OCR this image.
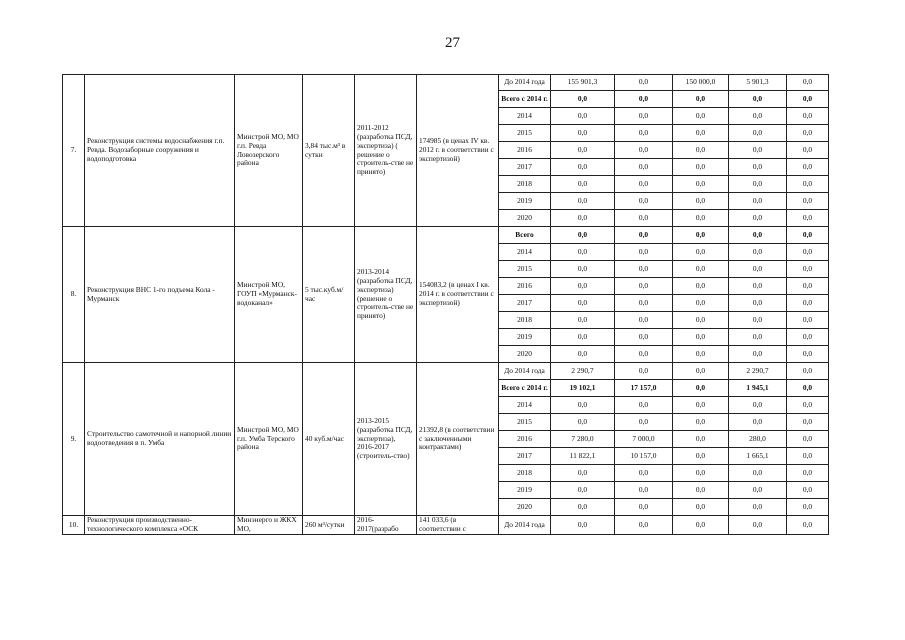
27
7.	Реконструкция системы водоснабжения г.п. Ревда. Водозаборные сооружения и водоподготовка	Минстрой МО, МО г.п. Ревда Ловозерского района	3,84 тыс.м³ в сутки	2011-2012 (разработка ПСД, экспертиза) ( решение о строитель-стве не принято)	174985 (в ценах IV кв. 2012 г. в соответствии с экспертизой)	До 2014 года	155 901,3	0,0	150 000,0	5 901,3	0,0
						Всего с 2014 г.	0,0	0,0	0,0	0,0	0,0
						2014	0,0	0,0	0,0	0,0	0,0
						2015	0,0	0,0	0,0	0,0	0,0
						2016	0,0	0,0	0,0	0,0	0,0
						2017	0,0	0,0	0,0	0,0	0,0
						2018	0,0	0,0	0,0	0,0	0,0
						2019	0,0	0,0	0,0	0,0	0,0
						2020	0,0	0,0	0,0	0,0	0,0
8.	Реконструкция ВНС 1-го подъема Кола - Мурманск	Минстрой МО, ГОУП «Мурманск-водоканал»	5 тыс.куб.м/час	2013-2014 (разработка ПСД, экспертиза) (решение о строитель-стве не принято)	154083,2 (в ценах I кв. 2014 г. в соответствии с экспертизой)	Всего	0,0	0,0	0,0	0,0	0,0
						2014	0,0	0,0	0,0	0,0	0,0
						2015	0,0	0,0	0,0	0,0	0,0
						2016	0,0	0,0	0,0	0,0	0,0
						2017	0,0	0,0	0,0	0,0	0,0
						2018	0,0	0,0	0,0	0,0	0,0
						2019	0,0	0,0	0,0	0,0	0,0
						2020	0,0	0,0	0,0	0,0	0,0
9.	Строительство самотечной и напорной линии водоотведения в п. Умба	Минстрой МО, МО г.п. Умба Терского района	40 куб.м/час	2013-2015 (разработка ПСД, экспертиза), 2016-2017 (строитель-ство)	21392,8 (в соответствии с заключенными контрактами)	До 2014 года	2 290,7	0,0	0,0	2 290,7	0,0
						Всего с 2014 г.	19 102,1	17 157,0	0,0	1 945,1	0,0
						2014	0,0	0,0	0,0	0,0	0,0
						2015	0,0	0,0	0,0	0,0	0,0
						2016	7 280,0	7 000,0	0,0	280,0	0,0
						2017	11 822,1	10 157,0	0,0	1 665,1	0,0
						2018	0,0	0,0	0,0	0,0	0,0
						2019	0,0	0,0	0,0	0,0	0,0
						2020	0,0	0,0	0,0	0,0	0,0
10.	Реконструкция производственно-технологического комплекса «ОСК	Минэнерго и ЖКХ МО,	260 м³/сутки	2016-2017(разрабо	141 033,6 (в соответствии с	До 2014 года	0,0	0,0	0,0	0,0	0,0
